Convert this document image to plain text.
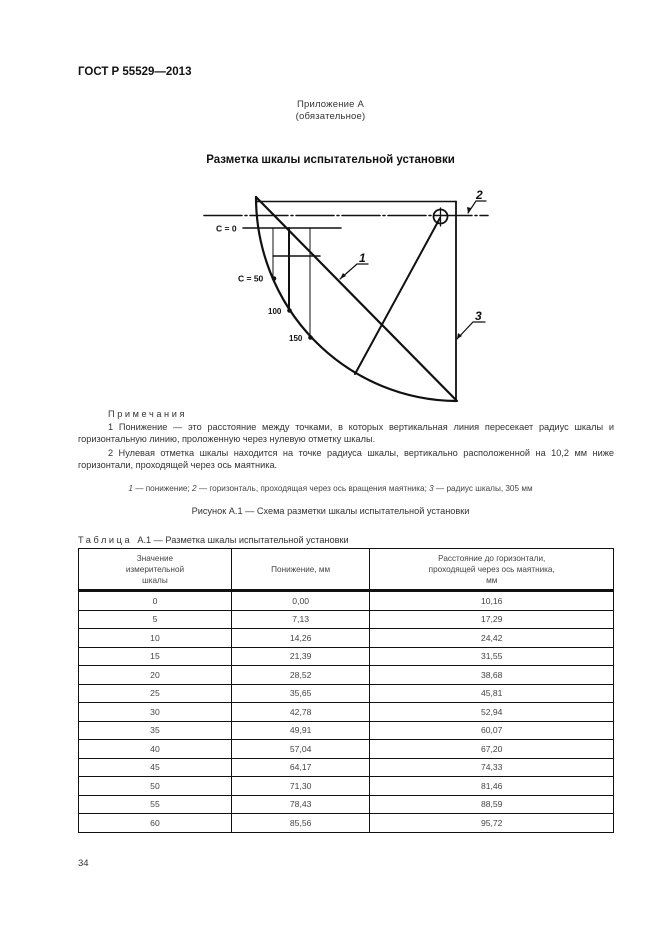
ГОСТ Р 55529—2013
Приложение А
(обязательное)
Разметка шкалы испытательной установки
C = 0
C = 50
100
150
1
2
3
Примечания
1 Понижение — это расстояние между точками, в которых вертикальная линия пересекает радиус шкалы и горизонтальную линию, проложенную через нулевую отметку шкалы.
2 Нулевая отметка шкалы находится на точке радиуса шкалы, вертикально расположенной на 10,2 мм ниже горизонтали, проходящей через ось маятника.
1 — понижение; 2 — горизонталь, проходящая через ось вращения маятника; 3 — радиус шкалы, 305 мм
Рисунок А.1 — Схема разметки шкалы испытательной установки
Таблица  А.1 — Разметка шкалы испытательной установки
Значение измерительной шкалы	Понижение, мм	Расстояние до горизонтали, проходящей через ось маятника, мм
0	0,00	10,16
5	7,13	17,29
10	14,26	24,42
15	21,39	31,55
20	28,52	38,68
25	35,65	45,81
30	42,78	52,94
35	49,91	60,07
40	57,04	67,20
45	64,17	74,33
50	71,30	81,46
55	78,43	88,59
60	85,56	95,72
34
